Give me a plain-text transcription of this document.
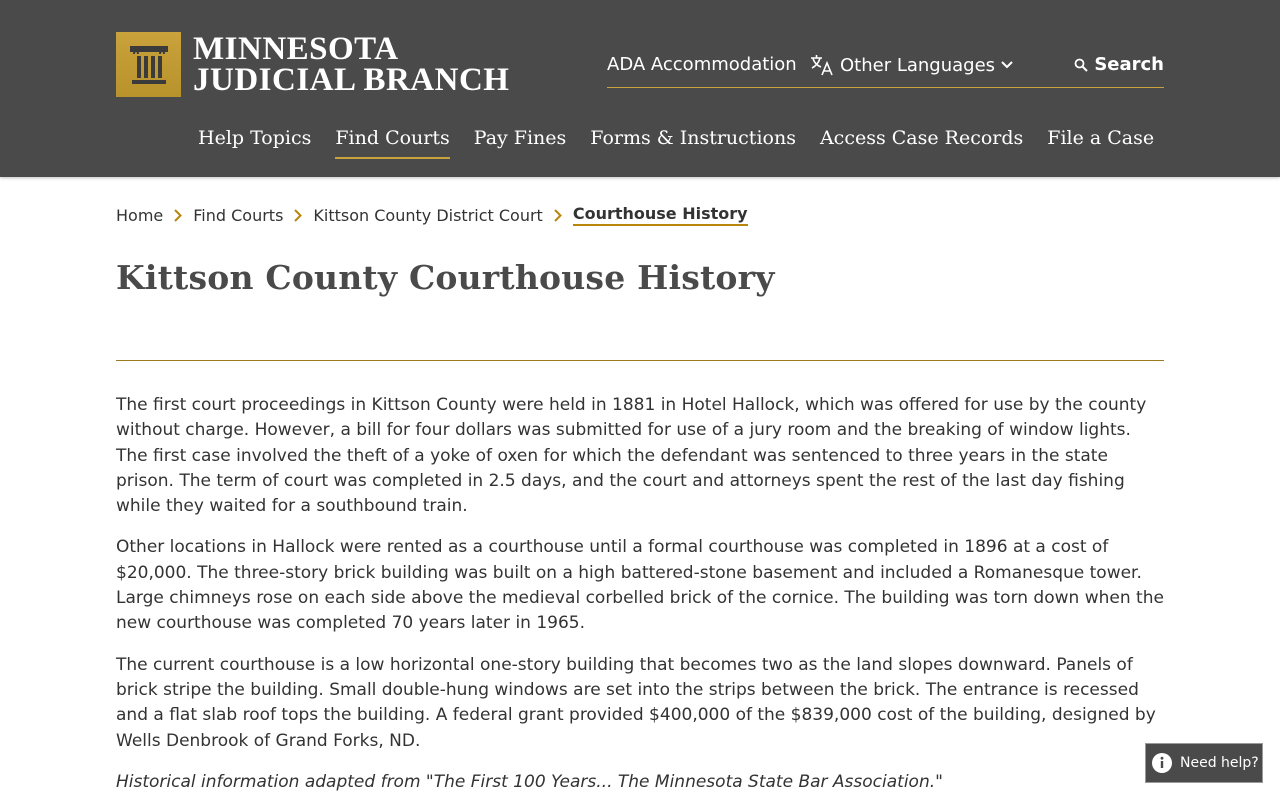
MINNESOTA
JUDICIAL BRANCH	ADA Accommodation Other Languages	Search
Help Topics Find Courts Pay Fines Forms & Instructions Access Case Records File a Case
Home Find Courts Kittson County District Court Courthouse History
Kittson County Courthouse History

The first court proceedings in Kittson County were held in 1881 in Hotel Hallock, which was offered for use by the county without charge. However, a bill for four dollars was submitted for use of a jury room and the breaking of window lights. The first case involved the theft of a yoke of oxen for which the defendant was sentenced to three years in the state prison. The term of court was completed in 2.5 days, and the court and attorneys spent the rest of the last day fishing while they waited for a southbound train.

Other locations in Hallock were rented as a courthouse until a formal courthouse was completed in 1896 at a cost of $20,000. The three-story brick building was built on a high battered-stone basement and included a Romanesque tower. Large chimneys rose on each side above the medieval corbelled brick of the cornice. The building was torn down when the new courthouse was completed 70 years later in 1965.

The current courthouse is a low horizontal one-story building that becomes two as the land slopes downward. Panels of brick stripe the building. Small double-hung windows are set into the strips between the brick. The entrance is recessed and a flat slab roof tops the building. A federal grant provided $400,000 of the $839,000 cost of the building, designed by Wells Denbrook of Grand Forks, ND.

Historical information adapted from "The First 100 Years... The Minnesota State Bar Association."

Need help?
